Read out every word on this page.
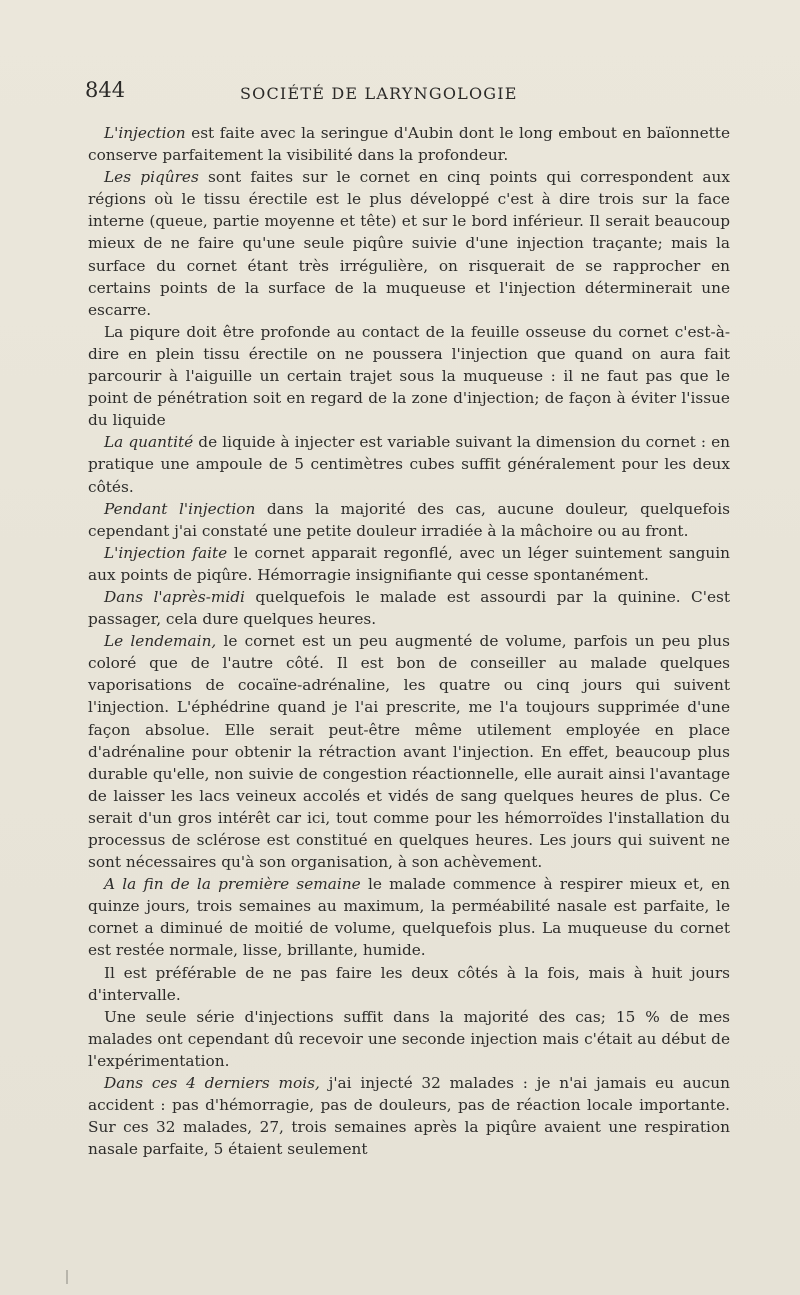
844	SOCIÉTÉ DE LARYNGOLOGIE

L'injection est faite avec la seringue d'Aubin dont le long embout en baïonnette conserve parfaitement la visibilité dans la profondeur.

Les piqûres sont faites sur le cornet en cinq points qui correspondent aux régions où le tissu érectile est le plus développé c'est à dire trois sur la face interne (queue, partie moyenne et tête) et sur le bord inférieur. Il serait beaucoup mieux de ne faire qu'une seule piqûre suivie d'une injection traçante; mais la surface du cornet étant très irrégulière, on risquerait de se rapprocher en certains points de la surface de la muqueuse et l'injection déterminerait une escarre.

La piqure doit être profonde au contact de la feuille osseuse du cornet c'est-à-dire en plein tissu érectile on ne poussera l'injection que quand on aura fait parcourir à l'aiguille un certain trajet sous la muqueuse : il ne faut pas que le point de pénétration soit en regard de la zone d'injection; de façon à éviter l'issue du liquide

La quantité de liquide à injecter est variable suivant la dimension du cornet : en pratique une ampoule de 5 centimètres cubes suffit généralement pour les deux côtés.

Pendant l'injection dans la majorité des cas, aucune douleur, quelquefois cependant j'ai constaté une petite douleur irradiée à la mâchoire ou au front.

L'injection faite le cornet apparait regonflé, avec un léger suintement sanguin aux points de piqûre. Hémorragie insignifiante qui cesse spontanément.

Dans l'après-midi quelquefois le malade est assourdi par la quinine. C'est passager, cela dure quelques heures.

Le lendemain, le cornet est un peu augmenté de volume, parfois un peu plus coloré que de l'autre côté. Il est bon de conseiller au malade quelques vaporisations de cocaïne-adrénaline, les quatre ou cinq jours qui suivent l'injection. L'éphédrine quand je l'ai prescrite, me l'a toujours supprimée d'une façon absolue. Elle serait peut-être même utilement employée en place d'adrénaline pour obtenir la rétraction avant l'injection. En effet, beaucoup plus durable qu'elle, non suivie de congestion réactionnelle, elle aurait ainsi l'avantage de laisser les lacs veineux accolés et vidés de sang quelques heures de plus. Ce serait d'un gros intérêt car ici, tout comme pour les hémorroïdes l'installation du processus de sclérose est constitué en quelques heures. Les jours qui suivent ne sont nécessaires qu'à son organisation, à son achèvement.

A la fin de la première semaine le malade commence à respirer mieux et, en quinze jours, trois semaines au maximum, la perméabilité nasale est parfaite, le cornet a diminué de moitié de volume, quelquefois plus. La muqueuse du cornet est restée normale, lisse, brillante, humide.

Il est préférable de ne pas faire les deux côtés à la fois, mais à huit jours d'intervalle.

Une seule série d'injections suffit dans la majorité des cas; 15 % de mes malades ont cependant dû recevoir une seconde injection mais c'était au début de l'expérimentation.

Dans ces 4 derniers mois, j'ai injecté 32 malades : je n'ai jamais eu aucun accident : pas d'hémorragie, pas de douleurs, pas de réaction locale importante. Sur ces 32 malades, 27, trois semaines après la piqûre avaient une respiration nasale parfaite, 5 étaient seulement
